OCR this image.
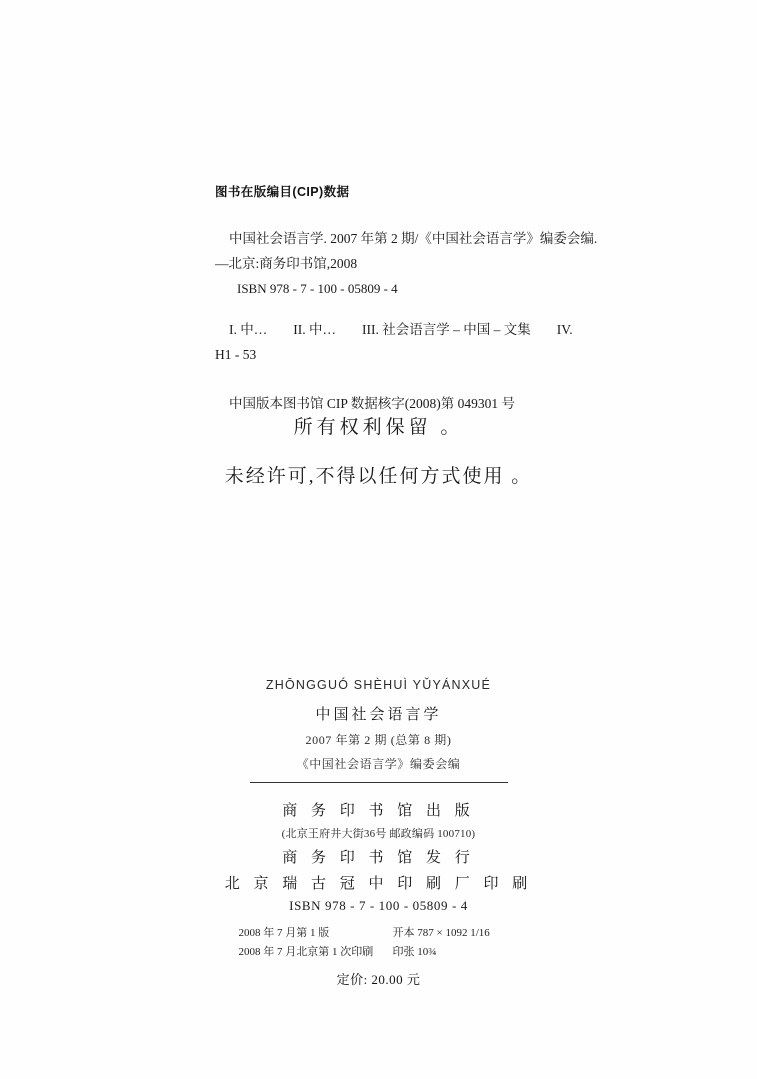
图书在版编目(CIP)数据
中国社会语言学. 2007 年第 2 期/《中国社会语言学》编委会编.
—北京:商务印书馆,2008
ISBN 978 - 7 - 100 - 05809 - 4
I. 中… II. 中… III. 社会语言学 – 中国 – 文集 IV.
H1 - 53
中国版本图书馆 CIP 数据核字(2008)第 049301 号
所有权利保留 。
未经许可,不得以任何方式使用 。
ZHŌNGGUÓ SHÈHUÌ YǓYÁNXUÉ
中国社会语言学
2007 年第 2 期 (总第 8 期)
《中国社会语言学》编委会编
商 务 印 书 馆 出 版
(北京王府井大街36号 邮政编码 100710)
商 务 印 书 馆 发 行
北 京 瑞 古 冠 中 印 刷 厂 印 刷
ISBN 978 - 7 - 100 - 05809 - 4
2008 年 7 月第 1 版	开本 787 × 1092 1/16
2008 年 7 月北京第 1 次印刷 印张 10¾
定价: 20.00 元
